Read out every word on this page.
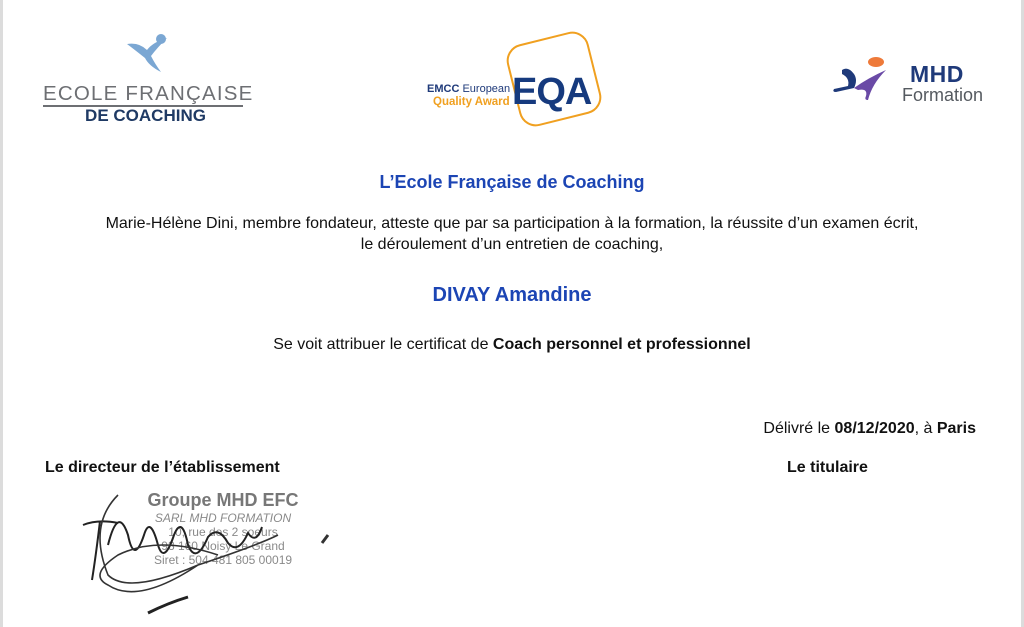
ECOLE FRANÇAISE
DE COACHING
EMCC European
Quality Award EQA	MHD
Formation
L’Ecole Française de Coaching
Marie-Hélène Dini, membre fondateur, atteste que par sa participation à la formation, la réussite d’un examen écrit,
le déroulement d’un entretien de coaching,
DIVAY Amandine
Se voit attribuer le certificat de Coach personnel et professionnel
Délivré le 08/12/2020, à Paris
Le directeur de l’établissement	Le titulaire
Groupe MHD EFC
SARL MHD FORMATION
10, rue des 2 soeurs
93 160 Noisy Le Grand
Siret : 504 481 805 00019
